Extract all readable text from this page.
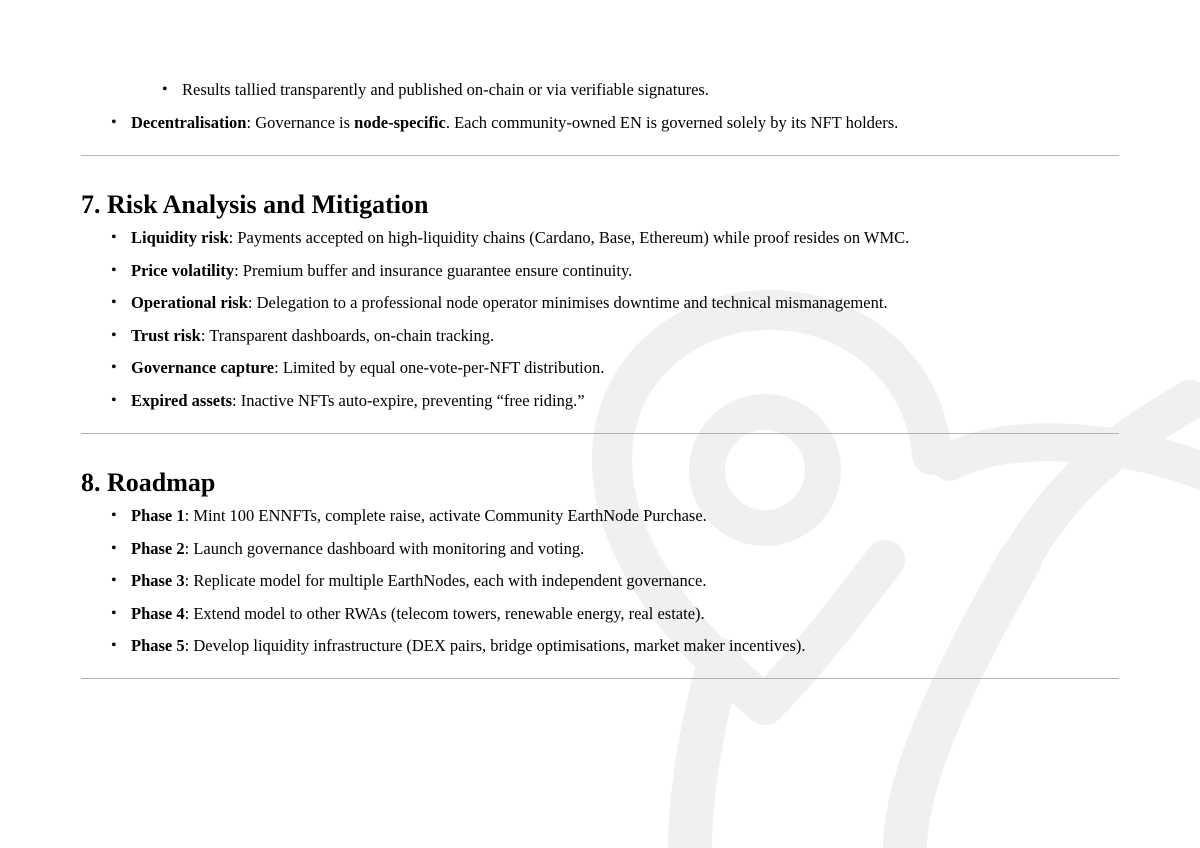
• Results tallied transparently and published on-chain or via verifiable signatures.
• Decentralisation: Governance is node-specific. Each community-owned EN is governed solely by its NFT holders.
7. Risk Analysis and Mitigation
• Liquidity risk: Payments accepted on high-liquidity chains (Cardano, Base, Ethereum) while proof resides on WMC.
• Price volatility: Premium buffer and insurance guarantee ensure continuity.
• Operational risk: Delegation to a professional node operator minimises downtime and technical mismanagement.
• Trust risk: Transparent dashboards, on-chain tracking.
• Governance capture: Limited by equal one-vote-per-NFT distribution.
• Expired assets: Inactive NFTs auto-expire, preventing “free riding.”
8. Roadmap
• Phase 1: Mint 100 ENNFTs, complete raise, activate Community EarthNode Purchase.
• Phase 2: Launch governance dashboard with monitoring and voting.
• Phase 3: Replicate model for multiple EarthNodes, each with independent governance.
• Phase 4: Extend model to other RWAs (telecom towers, renewable energy, real estate).
• Phase 5: Develop liquidity infrastructure (DEX pairs, bridge optimisations, market maker incentives).
